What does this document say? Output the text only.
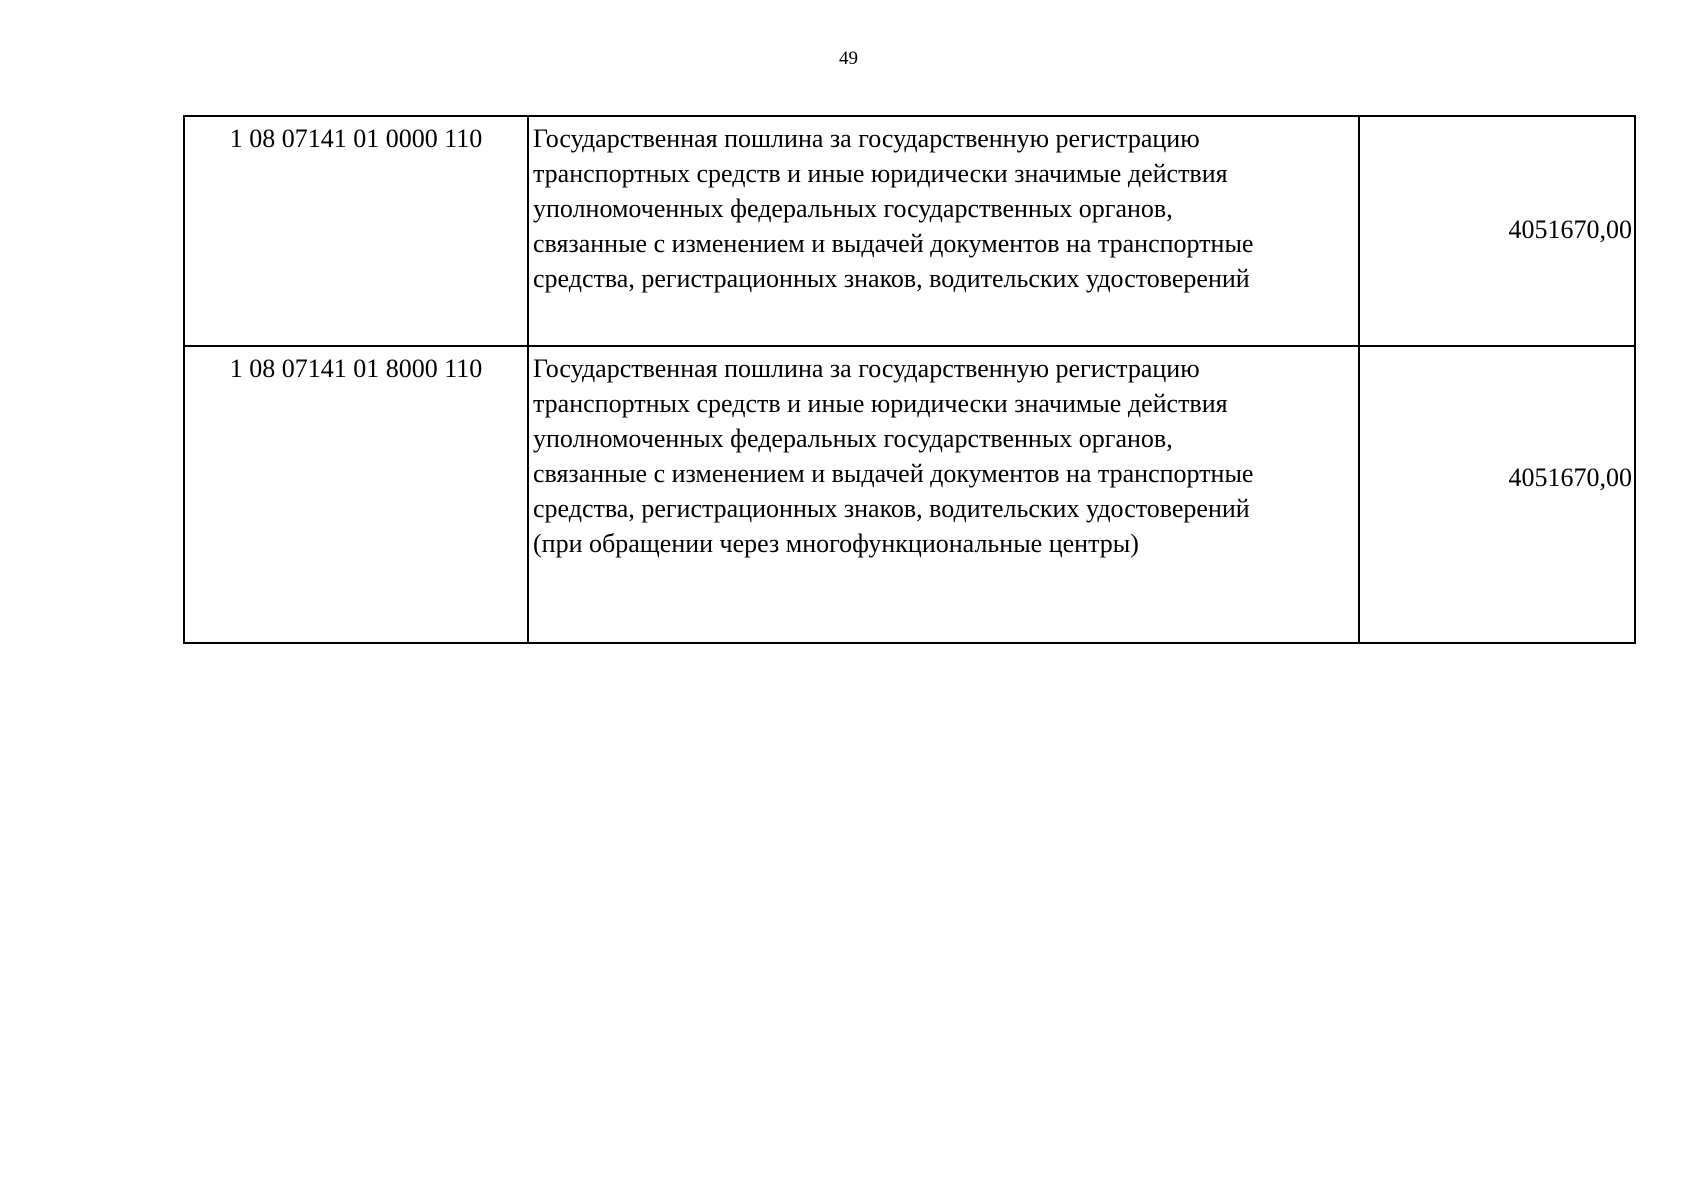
49
1 08 07141 01 0000 110	Государственная пошлина за государственную регистрацию
транспортных средств и иные юридически значимые действия
уполномоченных федеральных государственных органов,
связанные с изменением и выдачей документов на транспортные
средства, регистрационных знаков, водительских удостоверений	4051670,00
1 08 07141 01 8000 110	Государственная пошлина за государственную регистрацию
транспортных средств и иные юридически значимые действия
уполномоченных федеральных государственных органов,
связанные с изменением и выдачей документов на транспортные
средства, регистрационных знаков, водительских удостоверений
(при обращении через многофункциональные центры)
	4051670,00
